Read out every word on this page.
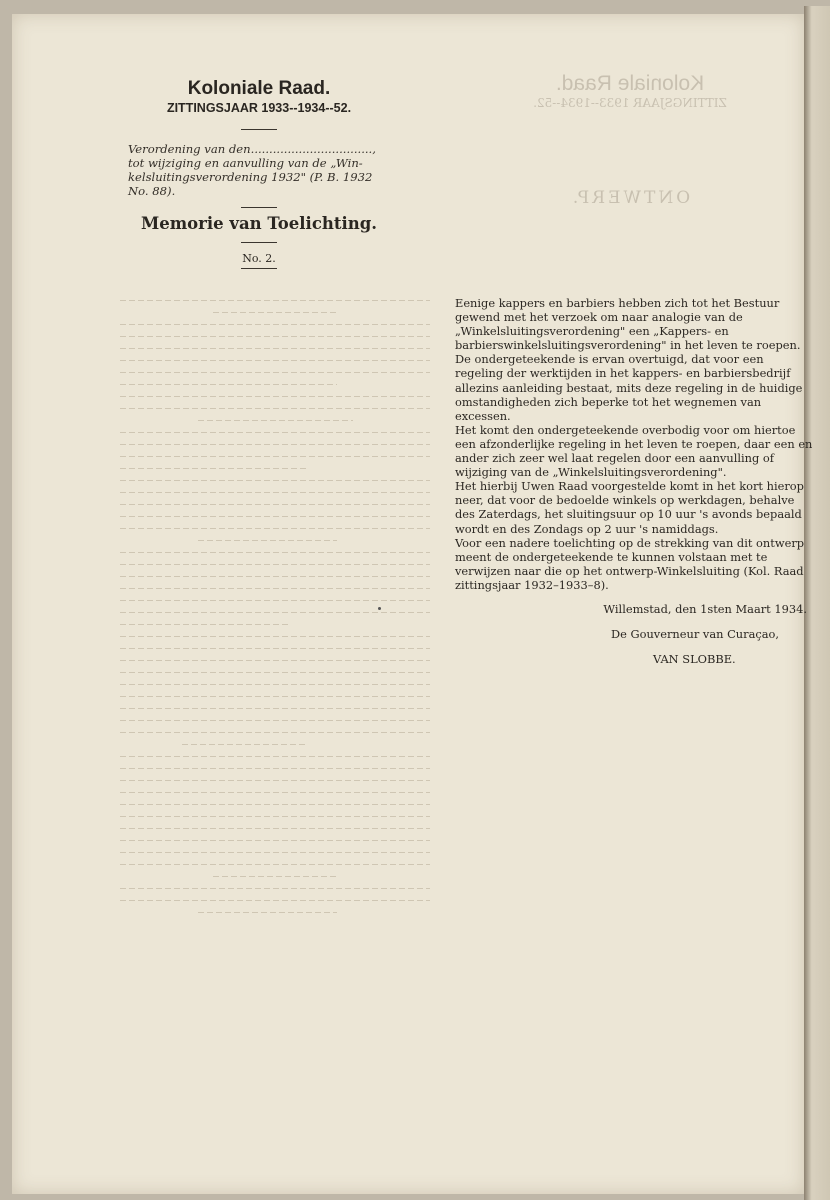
Koloniale Raad.
ZITTINGSJAAR 1933--1934--52.
ONTWERP.
Koloniale Raad.
ZITTINGSJAAR 1933--1934--52.
Verordening van den.................................,
tot wijziging en aanvulling van de „Win-
kelsluitingsverordening 1932" (P. B. 1932
No. 88).
Memorie van Toelichting.
No. 2.

Eenige kappers en barbiers hebben zich tot het Bestuur gewend met het verzoek om naar analogie van de „Winkelsluitingsverordening" een „Kappers- en barbierswinkelsluitingsverordening" in het leven te roepen.

De ondergeteekende is ervan overtuigd, dat voor een regeling der werktijden in het kappers- en barbiersbedrijf allezins aanleiding bestaat, mits deze regeling in de huidige omstandigheden zich beperke tot het wegnemen van excessen.

Het komt den ondergeteekende overbodig voor om hiertoe een afzonderlijke regeling in het leven te roepen, daar een en ander zich zeer wel laat regelen door een aanvulling of wijziging van de „Winkelsluitingsverordening".

Het hierbij Uwen Raad voorgestelde komt in het kort hierop neer, dat voor de bedoelde winkels op werkdagen, behalve des Zaterdags, het sluitingsuur op 10 uur 's avonds bepaald wordt en des Zondags op 2 uur 's namiddags.

Voor een nadere toelichting op de strekking van dit ontwerp meent de ondergeteekende te kunnen volstaan met te verwijzen naar die op het ontwerp-Winkelsluiting (Kol. Raad zittingsjaar 1932–1933–8).

Willemstad, den 1sten Maart 1934.

De Gouverneur van Curaçao,

VAN SLOBBE.
